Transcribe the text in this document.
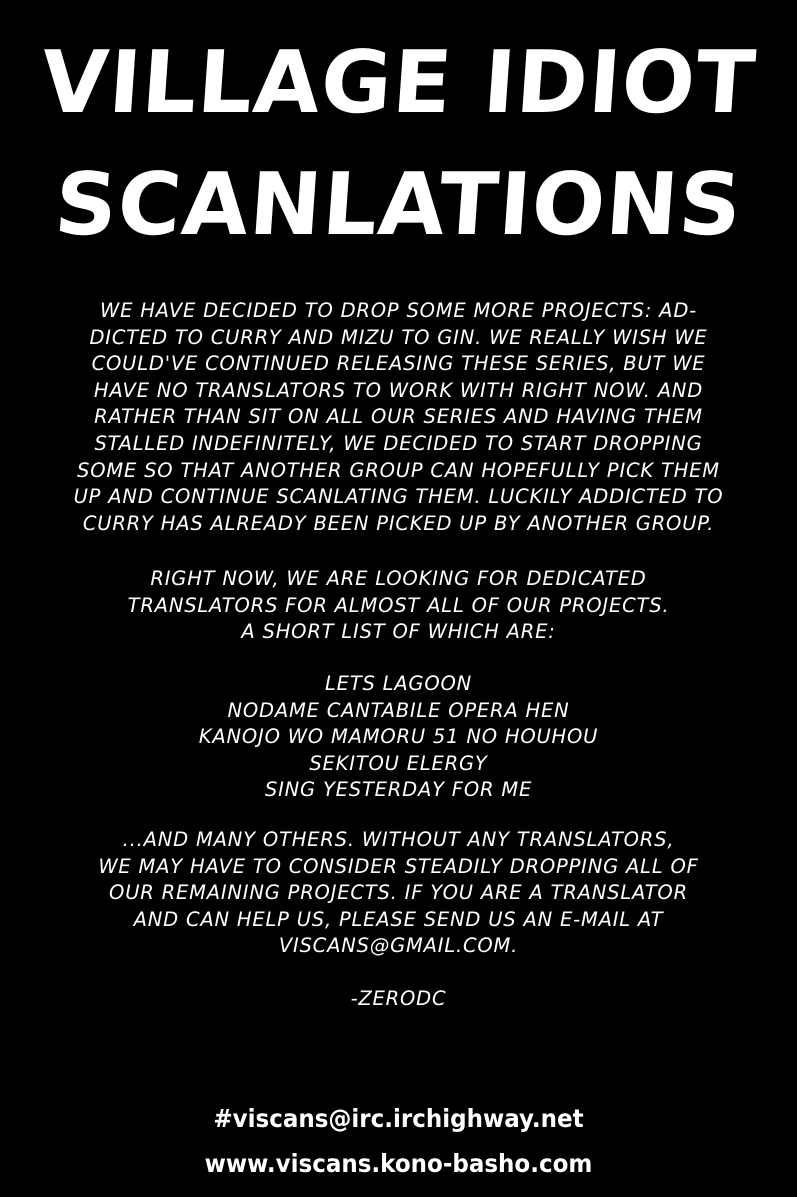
VILLAGE IDIOT
SCANLATIONS
WE HAVE DECIDED TO DROP SOME MORE PROJECTS: AD-
DICTED TO CURRY AND MIZU TO GIN. WE REALLY WISH WE
COULD'VE CONTINUED RELEASING THESE SERIES, BUT WE
HAVE NO TRANSLATORS TO WORK WITH RIGHT NOW. AND
RATHER THAN SIT ON ALL OUR SERIES AND HAVING THEM
STALLED INDEFINITELY, WE DECIDED TO START DROPPING
SOME SO THAT ANOTHER GROUP CAN HOPEFULLY PICK THEM
UP AND CONTINUE SCANLATING THEM. LUCKILY ADDICTED TO
CURRY HAS ALREADY BEEN PICKED UP BY ANOTHER GROUP.
RIGHT NOW, WE ARE LOOKING FOR DEDICATED
TRANSLATORS FOR ALMOST ALL OF OUR PROJECTS.
A SHORT LIST OF WHICH ARE:
LETS LAGOON
NODAME CANTABILE OPERA HEN
KANOJO WO MAMORU 51 NO HOUHOU
SEKITOU ELERGY
SING YESTERDAY FOR ME
...AND MANY OTHERS. WITHOUT ANY TRANSLATORS,
WE MAY HAVE TO CONSIDER STEADILY DROPPING ALL OF
OUR REMAINING PROJECTS. IF YOU ARE A TRANSLATOR
AND CAN HELP US, PLEASE SEND US AN E-MAIL AT
VISCANS@GMAIL.COM.
-ZERODC
#viscans@irc.irchighway.net
www.viscans.kono-basho.com
